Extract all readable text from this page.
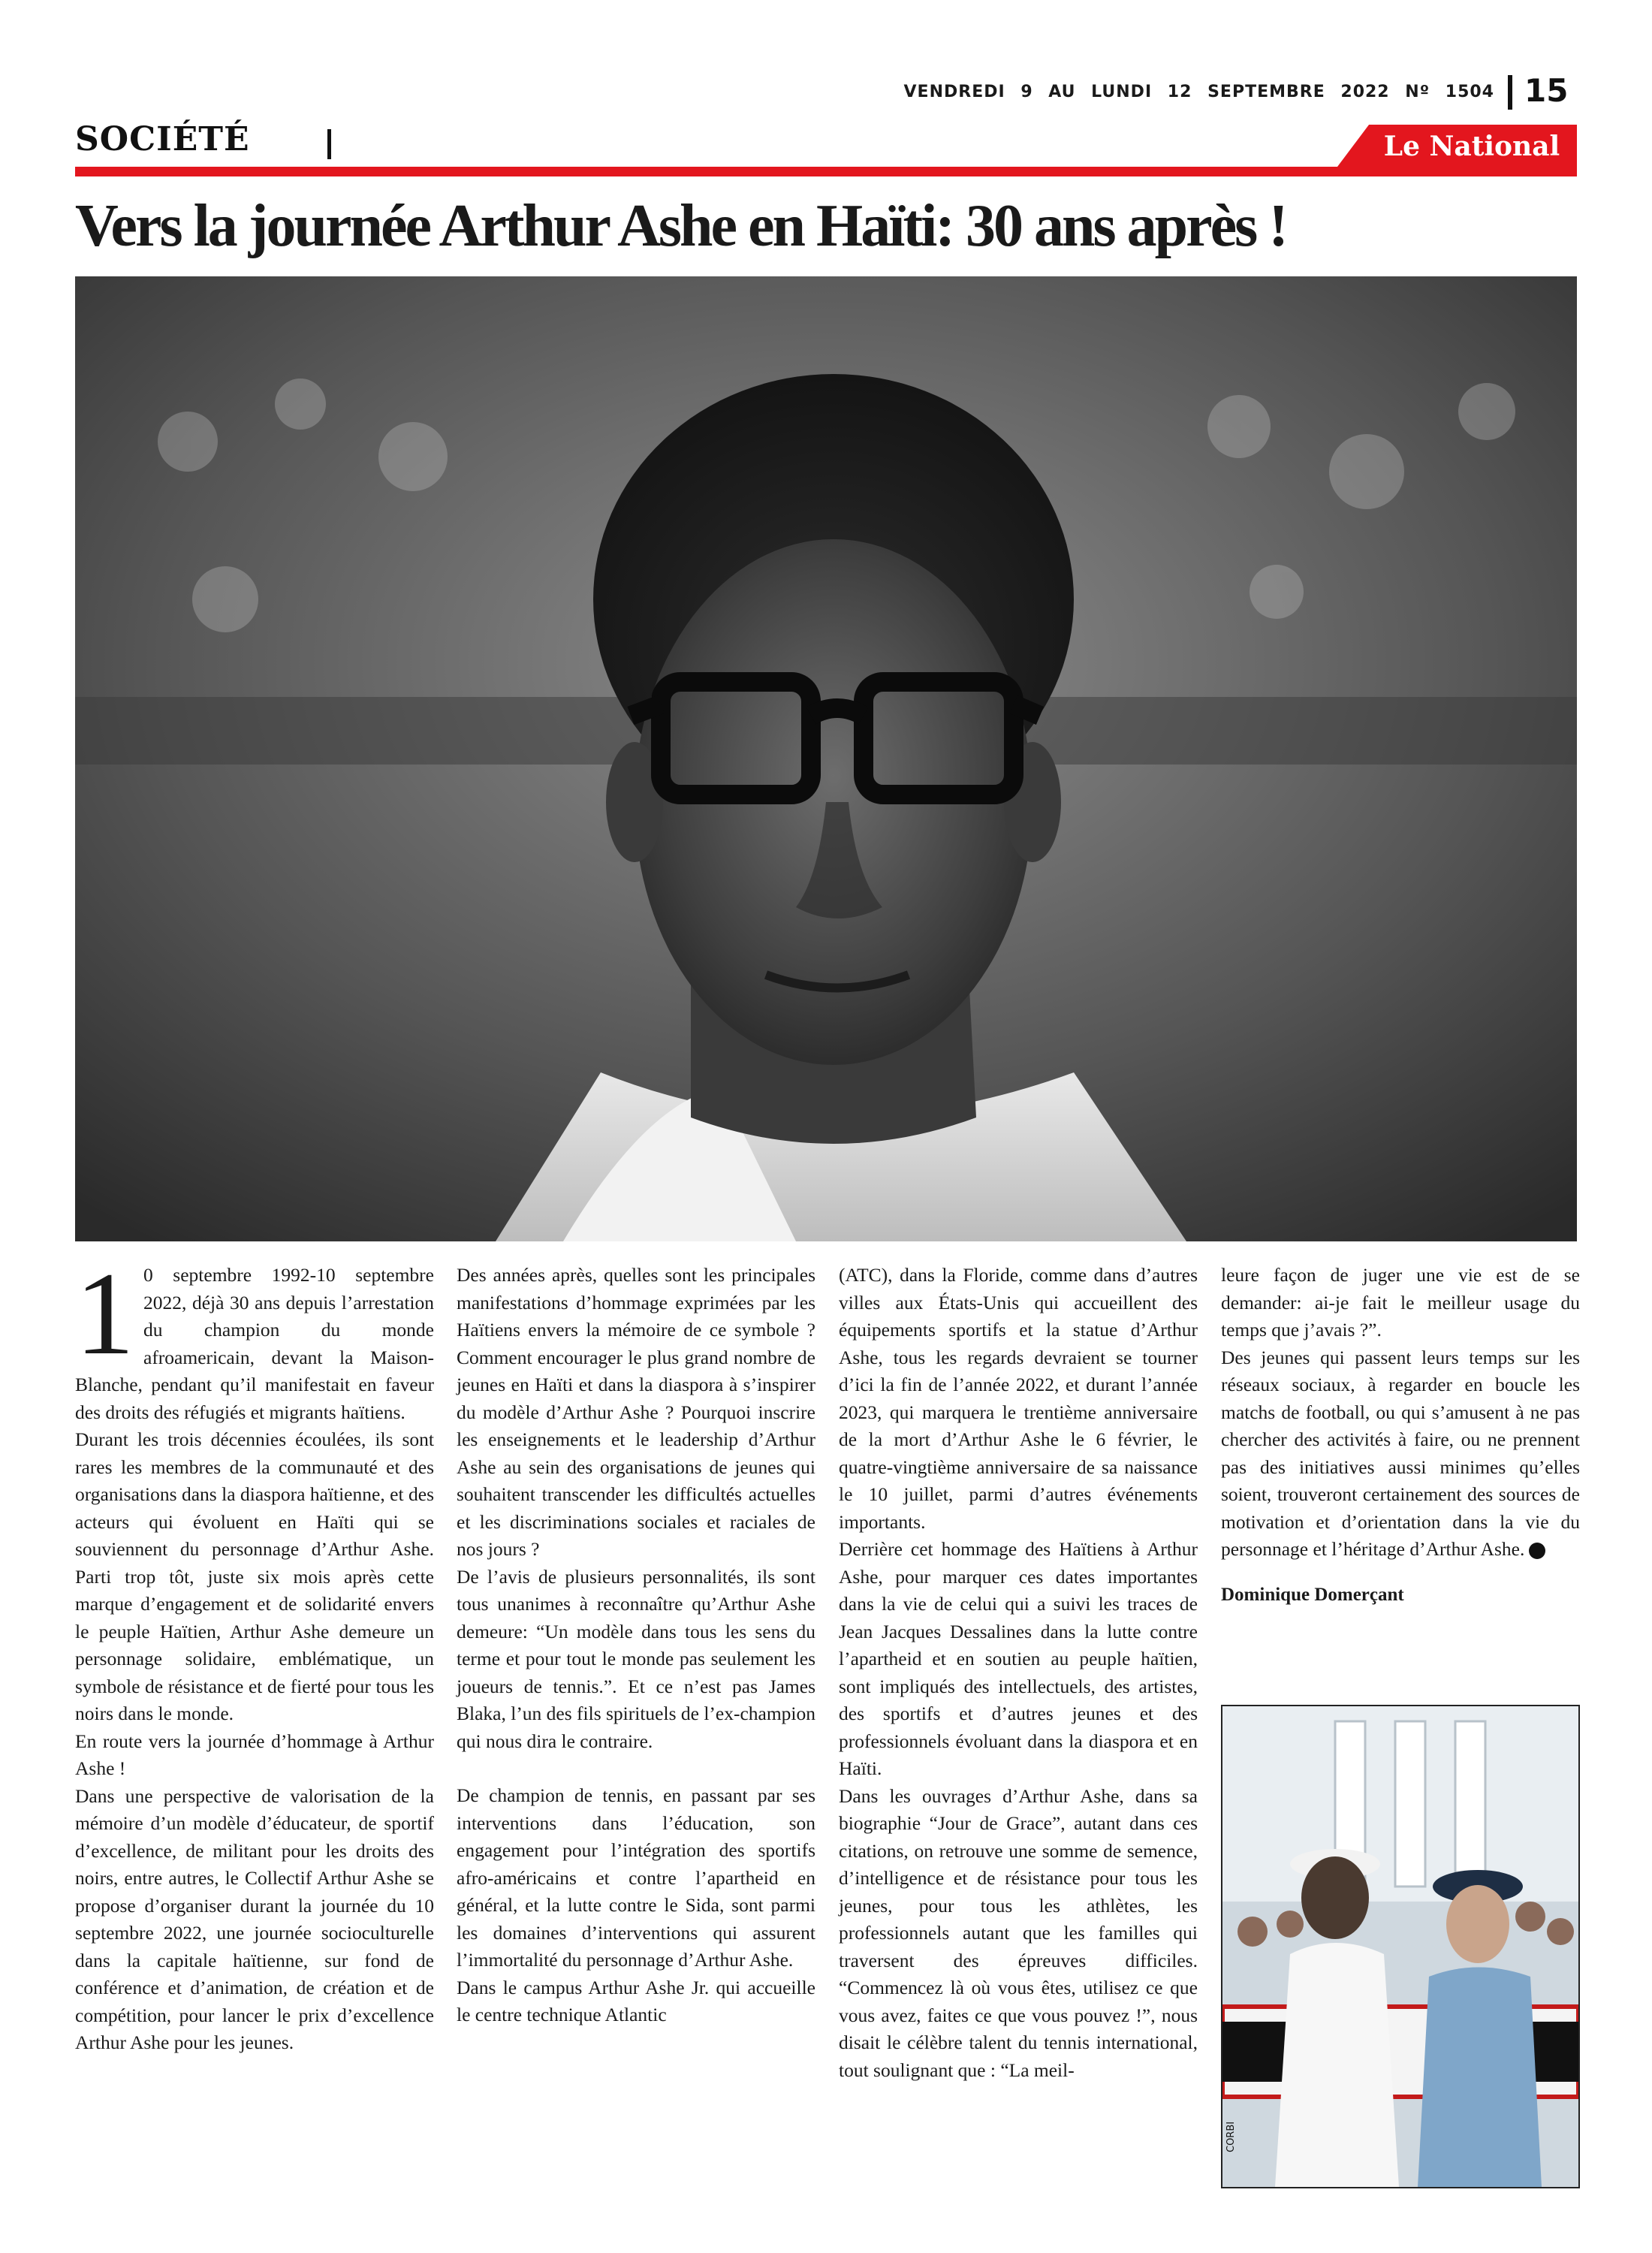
VENDREDI 9 AU LUNDI 12 SEPTEMBRE 2022 Nº 1504 15
SOCIÉTÉ	Le National
Vers la journée Arthur Ashe en Haïti: 30 ans après !
1 0 septembre 1992-10 septembre 2022, déjà 30 ans depuis l’arrestation du champion du monde afroamericain, devant la Maison-Blanche, pendant qu’il manifestait en faveur des droits des réfugiés et migrants haïtiens.

Durant les trois décennies écoulées, ils sont rares les membres de la communauté et des organisations dans la diaspora haïtienne, et des acteurs qui évoluent en Haïti qui se souviennent du personnage d’Arthur Ashe. Parti trop tôt, juste six mois après cette marque d’engagement et de solidarité envers le peuple Haïtien, Arthur Ashe demeure un personnage solidaire, emblématique, un symbole de résistance et de fierté pour tous les noirs dans le monde.

En route vers la journée d’hommage à Arthur Ashe !

Dans une perspective de valorisation de la mémoire d’un modèle d’éducateur, de sportif d’excellence, de militant pour les droits des noirs, entre autres, le Collectif Arthur Ashe se propose d’organiser durant la journée du 10 septembre 2022, une journée socioculturelle dans la capitale haïtienne, sur fond de conférence et d’animation, de création et de compétition, pour lancer le prix d’excellence Arthur Ashe pour les jeunes.

Des années après, quelles sont les principales manifestations d’hommage exprimées par les Haïtiens envers la mémoire de ce symbole ? Comment encourager le plus grand nombre de jeunes en Haïti et dans la diaspora à s’inspirer du modèle d’Arthur Ashe ? Pourquoi inscrire les enseignements et le leadership d’Arthur Ashe au sein des organisations de jeunes qui souhaitent transcender les difficultés actuelles et les discriminations sociales et raciales de nos jours ?

De l’avis de plusieurs personnalités, ils sont tous unanimes à reconnaître qu’Arthur Ashe demeure: “Un modèle dans tous les sens du terme et pour tout le monde pas seulement les joueurs de tennis.”. Et ce n’est pas James Blaka, l’un des fils spirituels de l’ex-champion qui nous dira le contraire.

De champion de tennis, en passant par ses interventions dans l’éducation, son engagement pour l’intégration des sportifs afro-américains et contre l’apartheid en général, et la lutte contre le Sida, sont parmi les domaines d’interventions qui assurent l’immortalité du personnage d’Arthur Ashe.

Dans le campus Arthur Ashe Jr. qui accueille le centre technique Atlantic

(ATC), dans la Floride, comme dans d’autres villes aux États-Unis qui accueillent des équipements sportifs et la statue d’Arthur Ashe, tous les regards devraient se tourner d’ici la fin de l’année 2022, et durant l’année 2023, qui marquera le trentième anniversaire de la mort d’Arthur Ashe le 6 février, le quatre-vingtième anniversaire de sa naissance le 10 juillet, parmi d’autres événements importants.

Derrière cet hommage des Haïtiens à Arthur Ashe, pour marquer ces dates importantes dans la vie de celui qui a suivi les traces de Jean Jacques Dessalines dans la lutte contre l’apartheid et en soutien au peuple haïtien, sont impliqués des intellectuels, des artistes, des sportifs et d’autres jeunes et des professionnels évoluant dans la diaspora et en Haïti.

Dans les ouvrages d’Arthur Ashe, dans sa biographie “Jour de Grace”, autant dans ces citations, on retrouve une somme de semence, d’intelligence et de résistance pour tous les jeunes, pour tous les athlètes, les professionnels autant que les familles qui traversent des épreuves difficiles. “Commencez là où vous êtes, utilisez ce que vous avez, faites ce que vous pouvez !”, nous disait le célèbre talent du tennis international, tout soulignant que : “La meil-

leure façon de juger une vie est de se demander: ai-je fait le meilleur usage du temps que j’avais ?”.

Des jeunes qui passent leurs temps sur les réseaux sociaux, à regarder en boucle les matchs de football, ou qui s’amusent à ne pas chercher des activités à faire, ou ne prennent pas des initiatives aussi minimes qu’elles soient, trouveront certainement des sources de motivation et d’orientation dans la vie du personnage et l’héritage d’Arthur Ashe.

Dominique Domerçant

CORBI
